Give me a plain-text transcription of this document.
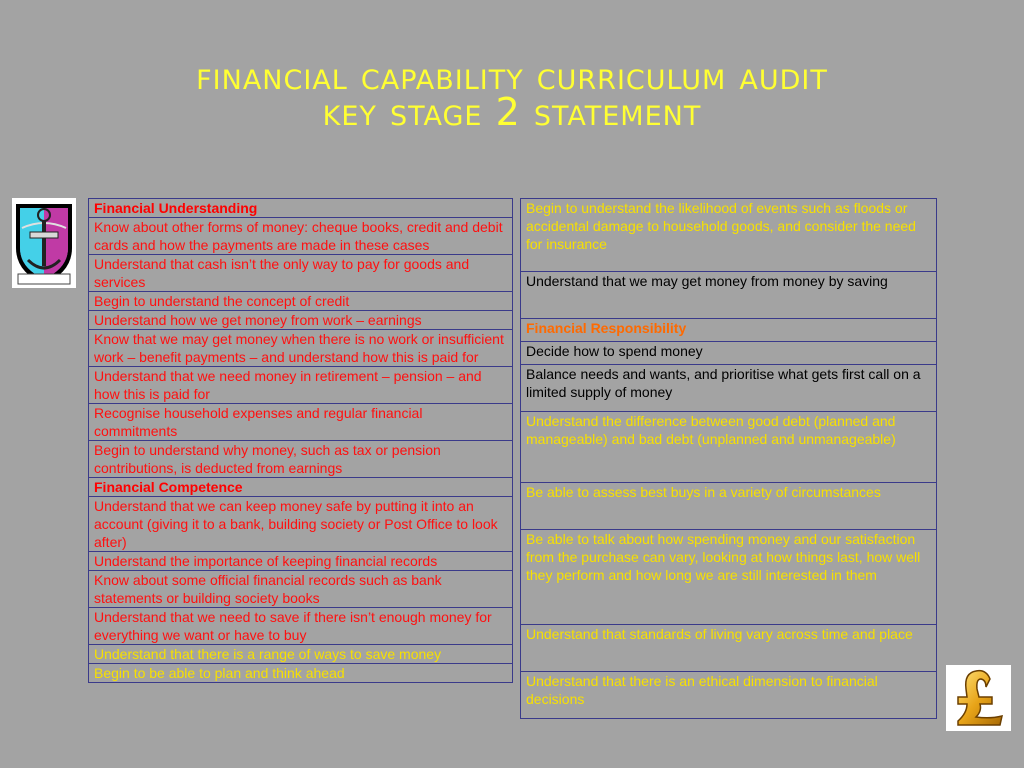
financial capability curriculum audit
key stage 2 statement
Financial Understanding
Know about other forms of money: cheque books, credit and debit cards and how the payments are made in these cases
Understand that cash isn’t the only way to pay for goods and services
Begin to understand the concept of credit
Understand how we get money from work – earnings
Know that we may get money when there is no work or insufficient work – benefit payments – and understand how this is paid for
Understand that we need money in retirement – pension – and how this is paid for
Recognise household expenses and regular financial commitments
Begin to understand why money, such as tax or pension contributions, is deducted from earnings
Financial Competence
Understand that we can keep money safe by putting it into an account (giving it to a bank, building society or Post Office to look after)
Understand the importance of keeping financial records
Know about some official financial records such as bank statements or building society books
Understand that we need to save if there isn’t enough money for everything we want or have to buy
Understand that there is a range of ways to save money
Begin to be able to plan and think ahead
Begin to understand the likelihood of events such as floods or accidental damage to household goods, and consider the need for insurance
Understand that we may get money from money by saving
Financial Responsibility
Decide how to spend money
Balance needs and wants, and prioritise what gets first call on a limited supply of money
Understand the difference between good debt (planned and manageable) and bad debt (unplanned and unmanageable)
Be able to assess best buys in a variety of circumstances
Be able to talk about how spending money and our satisfaction from the purchase can vary, looking at how things last, how well they perform and how long we are still interested in them
Understand that standards of living vary across time and place
Understand that there is an ethical dimension to financial decisions
